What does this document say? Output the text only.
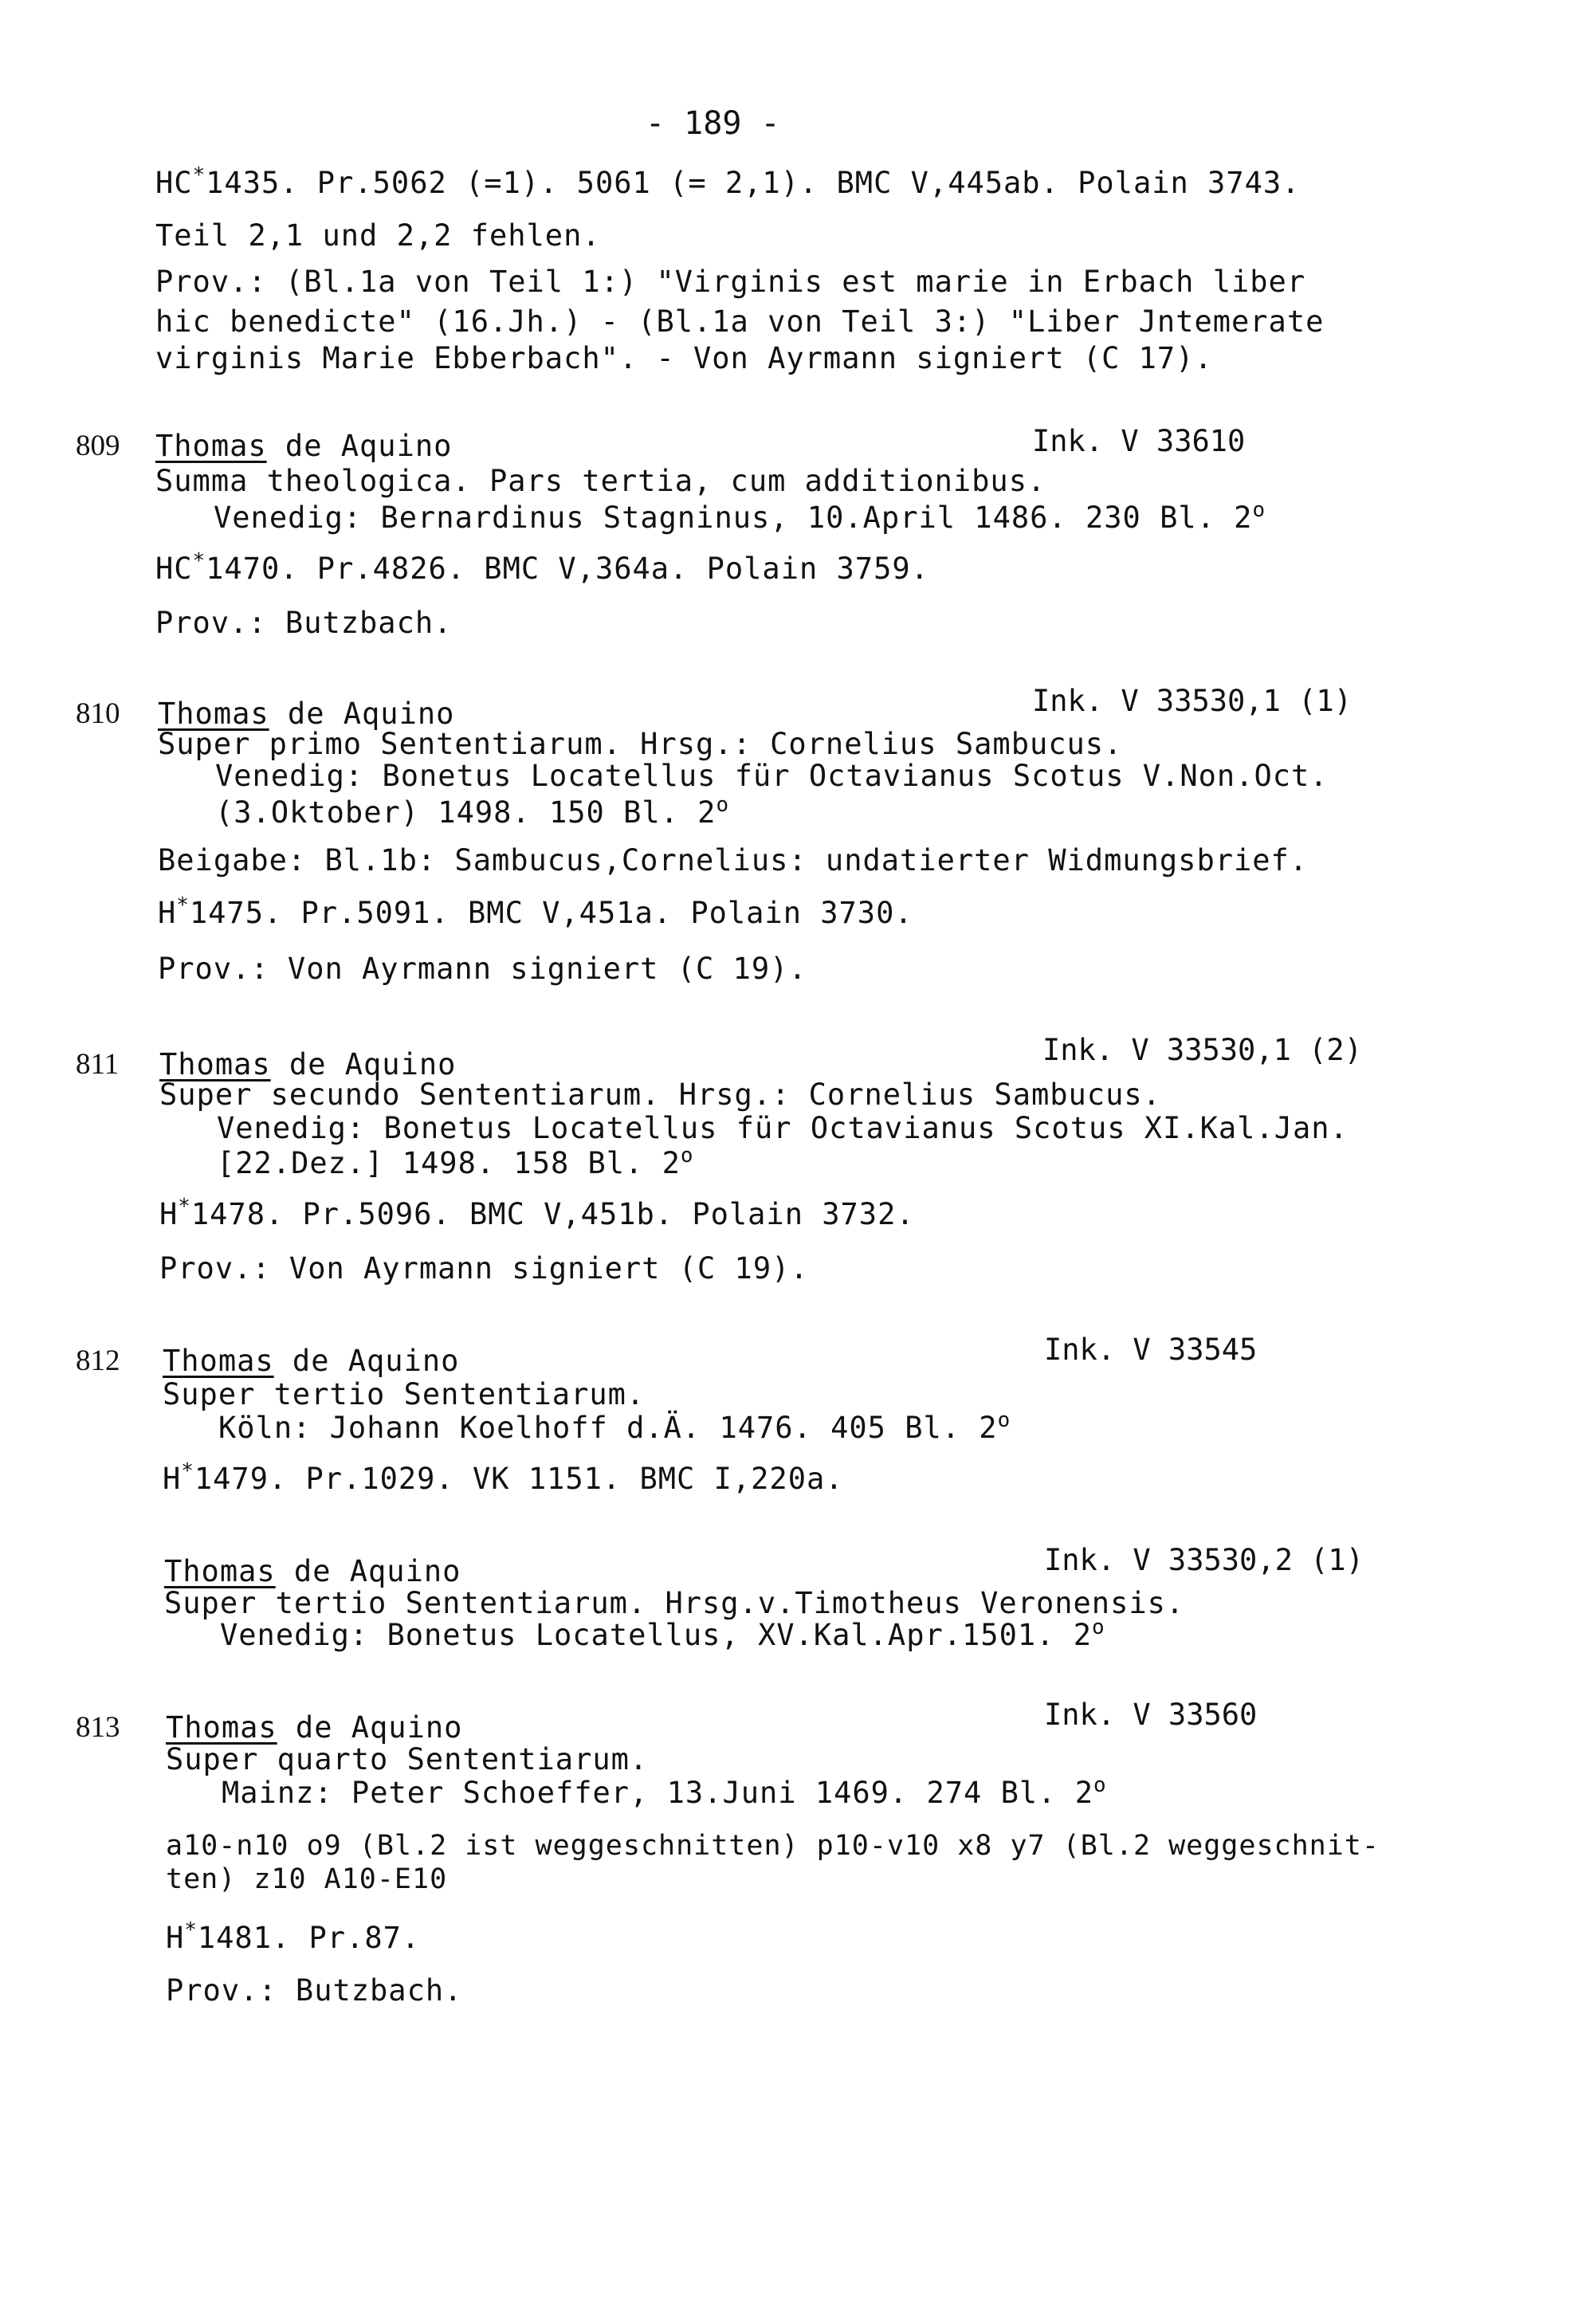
- 189 -
HC*1435. Pr.5062 (=1). 5061 (= 2,1). BMC V,445ab. Polain 3743.
Teil 2,1 und 2,2 fehlen.
Prov.: (Bl.1a von Teil 1:) "Virginis est marie in Erbach liber
hic benedicte" (16.Jh.) - (Bl.1a von Teil 3:) "Liber Jntemerate
virginis Marie Ebberbach". - Von Ayrmann signiert (C 17).
809 Thomas de Aquino	Ink. V 33610
Summa theologica. Pars tertia, cum additionibus.
Venedig: Bernardinus Stagninus, 10.April 1486. 230 Bl. 2$^o$
HC*1470. Pr.4826. BMC V,364a. Polain 3759.
Prov.: Butzbach.
810 Thomas de Aquino	Ink. V 33530,1 (1)
Super primo Sententiarum. Hrsg.: Cornelius Sambucus.
Venedig: Bonetus Locatellus für Octavianus Scotus V.Non.Oct.
(3.Oktober) 1498. 150 Bl. 2$^o$
Beigabe: Bl.1b: Sambucus,Cornelius: undatierter Widmungsbrief.
H*1475. Pr.5091. BMC V,451a. Polain 3730.
Prov.: Von Ayrmann signiert (C 19).
811 Thomas de Aquino	Ink. V 33530,1 (2)
Super secundo Sententiarum. Hrsg.: Cornelius Sambucus.
Venedig: Bonetus Locatellus für Octavianus Scotus XI.Kal.Jan.
[22.Dez.] 1498. 158 Bl. 2$^o$
H*1478. Pr.5096. BMC V,451b. Polain 3732.
Prov.: Von Ayrmann signiert (C 19).
812 Thomas de Aquino	Ink. V 33545
Super tertio Sententiarum.
Köln: Johann Koelhoff d.Ä. 1476. 405 Bl. 2$^o$
H*1479. Pr.1029. VK 1151. BMC I,220a.
Thomas de Aquino	Ink. V 33530,2 (1)
Super tertio Sententiarum. Hrsg.v.Timotheus Veronensis.
Venedig: Bonetus Locatellus, XV.Kal.Apr.1501. 2$^o$
813 Thomas de Aquino	Ink. V 33560
Super quarto Sententiarum.
Mainz: Peter Schoeffer, 13.Juni 1469. 274 Bl. 2$^o$
a10-n10 o9 (Bl.2 ist weggeschnitten) p10-v10 x8 y7 (Bl.2 weggeschnit-
ten) z10 A10-E10
H*1481. Pr.87.
Prov.: Butzbach.
